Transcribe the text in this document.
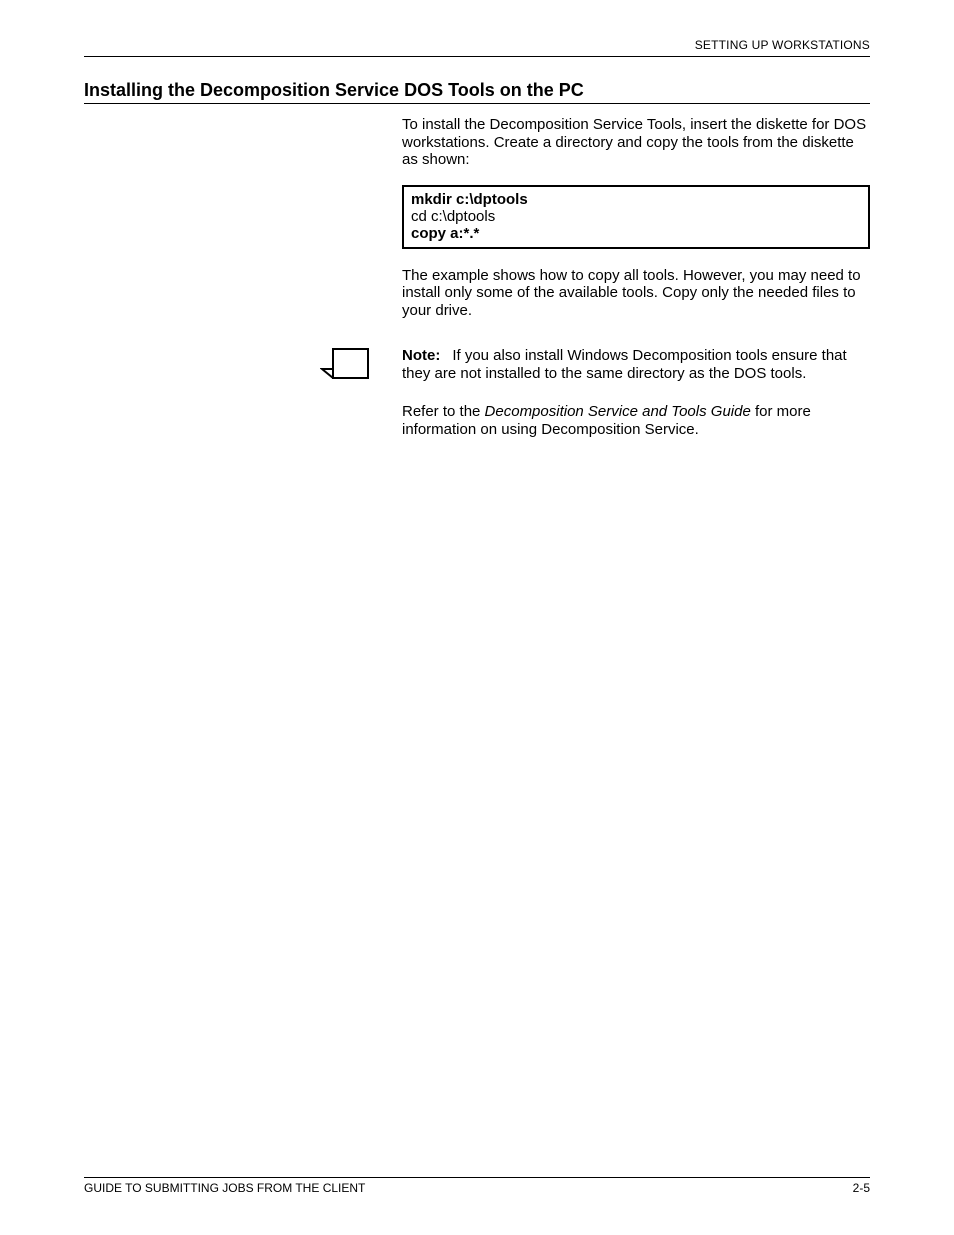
SETTING UP WORKSTATIONS
Installing the Decomposition Service DOS Tools on the PC

To install the Decomposition Service Tools, insert the diskette for DOS workstations. Create a directory and copy the tools from the diskette as shown:

mkdir c:\dptools
cd c:\dptools
copy a:*.*

The example shows how to copy all tools. However, you may need to install only some of the available tools. Copy only the needed files to your drive.

Note: If you also install Windows Decomposition tools ensure that they are not installed to the same directory as the DOS tools.

Refer to the Decomposition Service and Tools Guide for more information on using Decomposition Service.

GUIDE TO SUBMITTING JOBS FROM THE CLIENT	2-5
